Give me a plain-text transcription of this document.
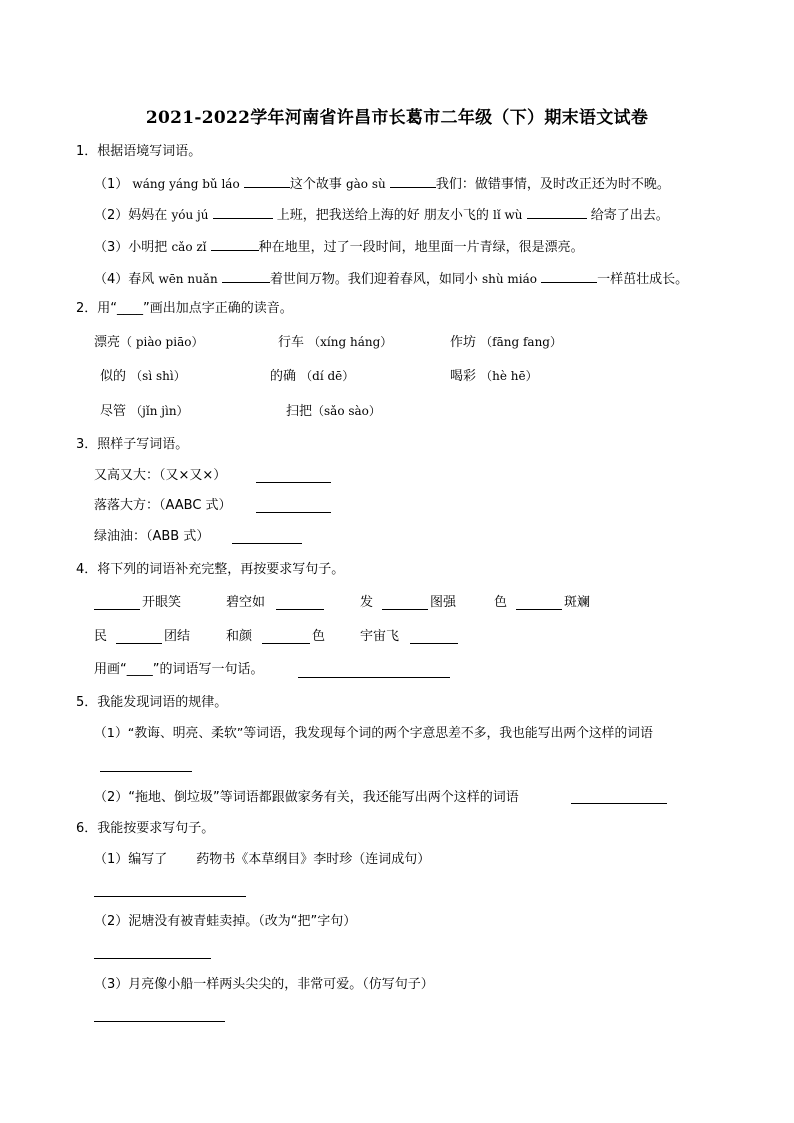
2021-2022学年河南省许昌市长葛市二年级（下）期末语文试卷
1．根据语境写词语。
（1） wáng yáng bǔ láo	这个故事 gào sù	我们：做错事情，及时改正还为时不晚。
（2）妈妈在 yóu jú	上班，把我送给上海的好 朋友小飞的 lǐ wù	给寄了出去。
（3）小明把 cǎo zǐ	种在地里，过了一段时间，地里面一片青绿，很是漂亮。
（4）春风 wēn nuǎn	着世间万物。我们迎着春风，如同小 shù miáo	一样茁壮成长。
2．用“____”画出加点字正确的读音。
漂亮（ piào piāo）	行车 （xíng háng）	作坊 （fāng fang）
似的 （sì shì）	的确 （dí dē）	喝彩 （hè hē）
尽管 （jǐn jìn）	扫把（sǎo sào）
3．照样子写词语。
又高又大：（又×又×）
落落大方：（AABC 式）
绿油油：（ABB 式）
4．将下列的词语补充完整，再按要求写句子。
开眼笑	碧空如	发	图强	色	斑斓
民	团结	和颜	色	宇宙飞
用画“____”的词语写一句话。
5．我能发现词语的规律。
（1）“教诲、明亮、柔软”等词语，我发现每个词的两个字意思差不多，我也能写出两个这样的词语
（2）“拖地、倒垃圾”等词语都跟做家务有关，我还能写出两个这样的词语
6．我能按要求写句子。
（1）编写了       药物书《本草纲目》李时珍（连词成句）
（2）泥塘没有被青蛙卖掉。（改为“把”字句）
（3）月亮像小船一样两头尖尖的，非常可爱。（仿写句子）
